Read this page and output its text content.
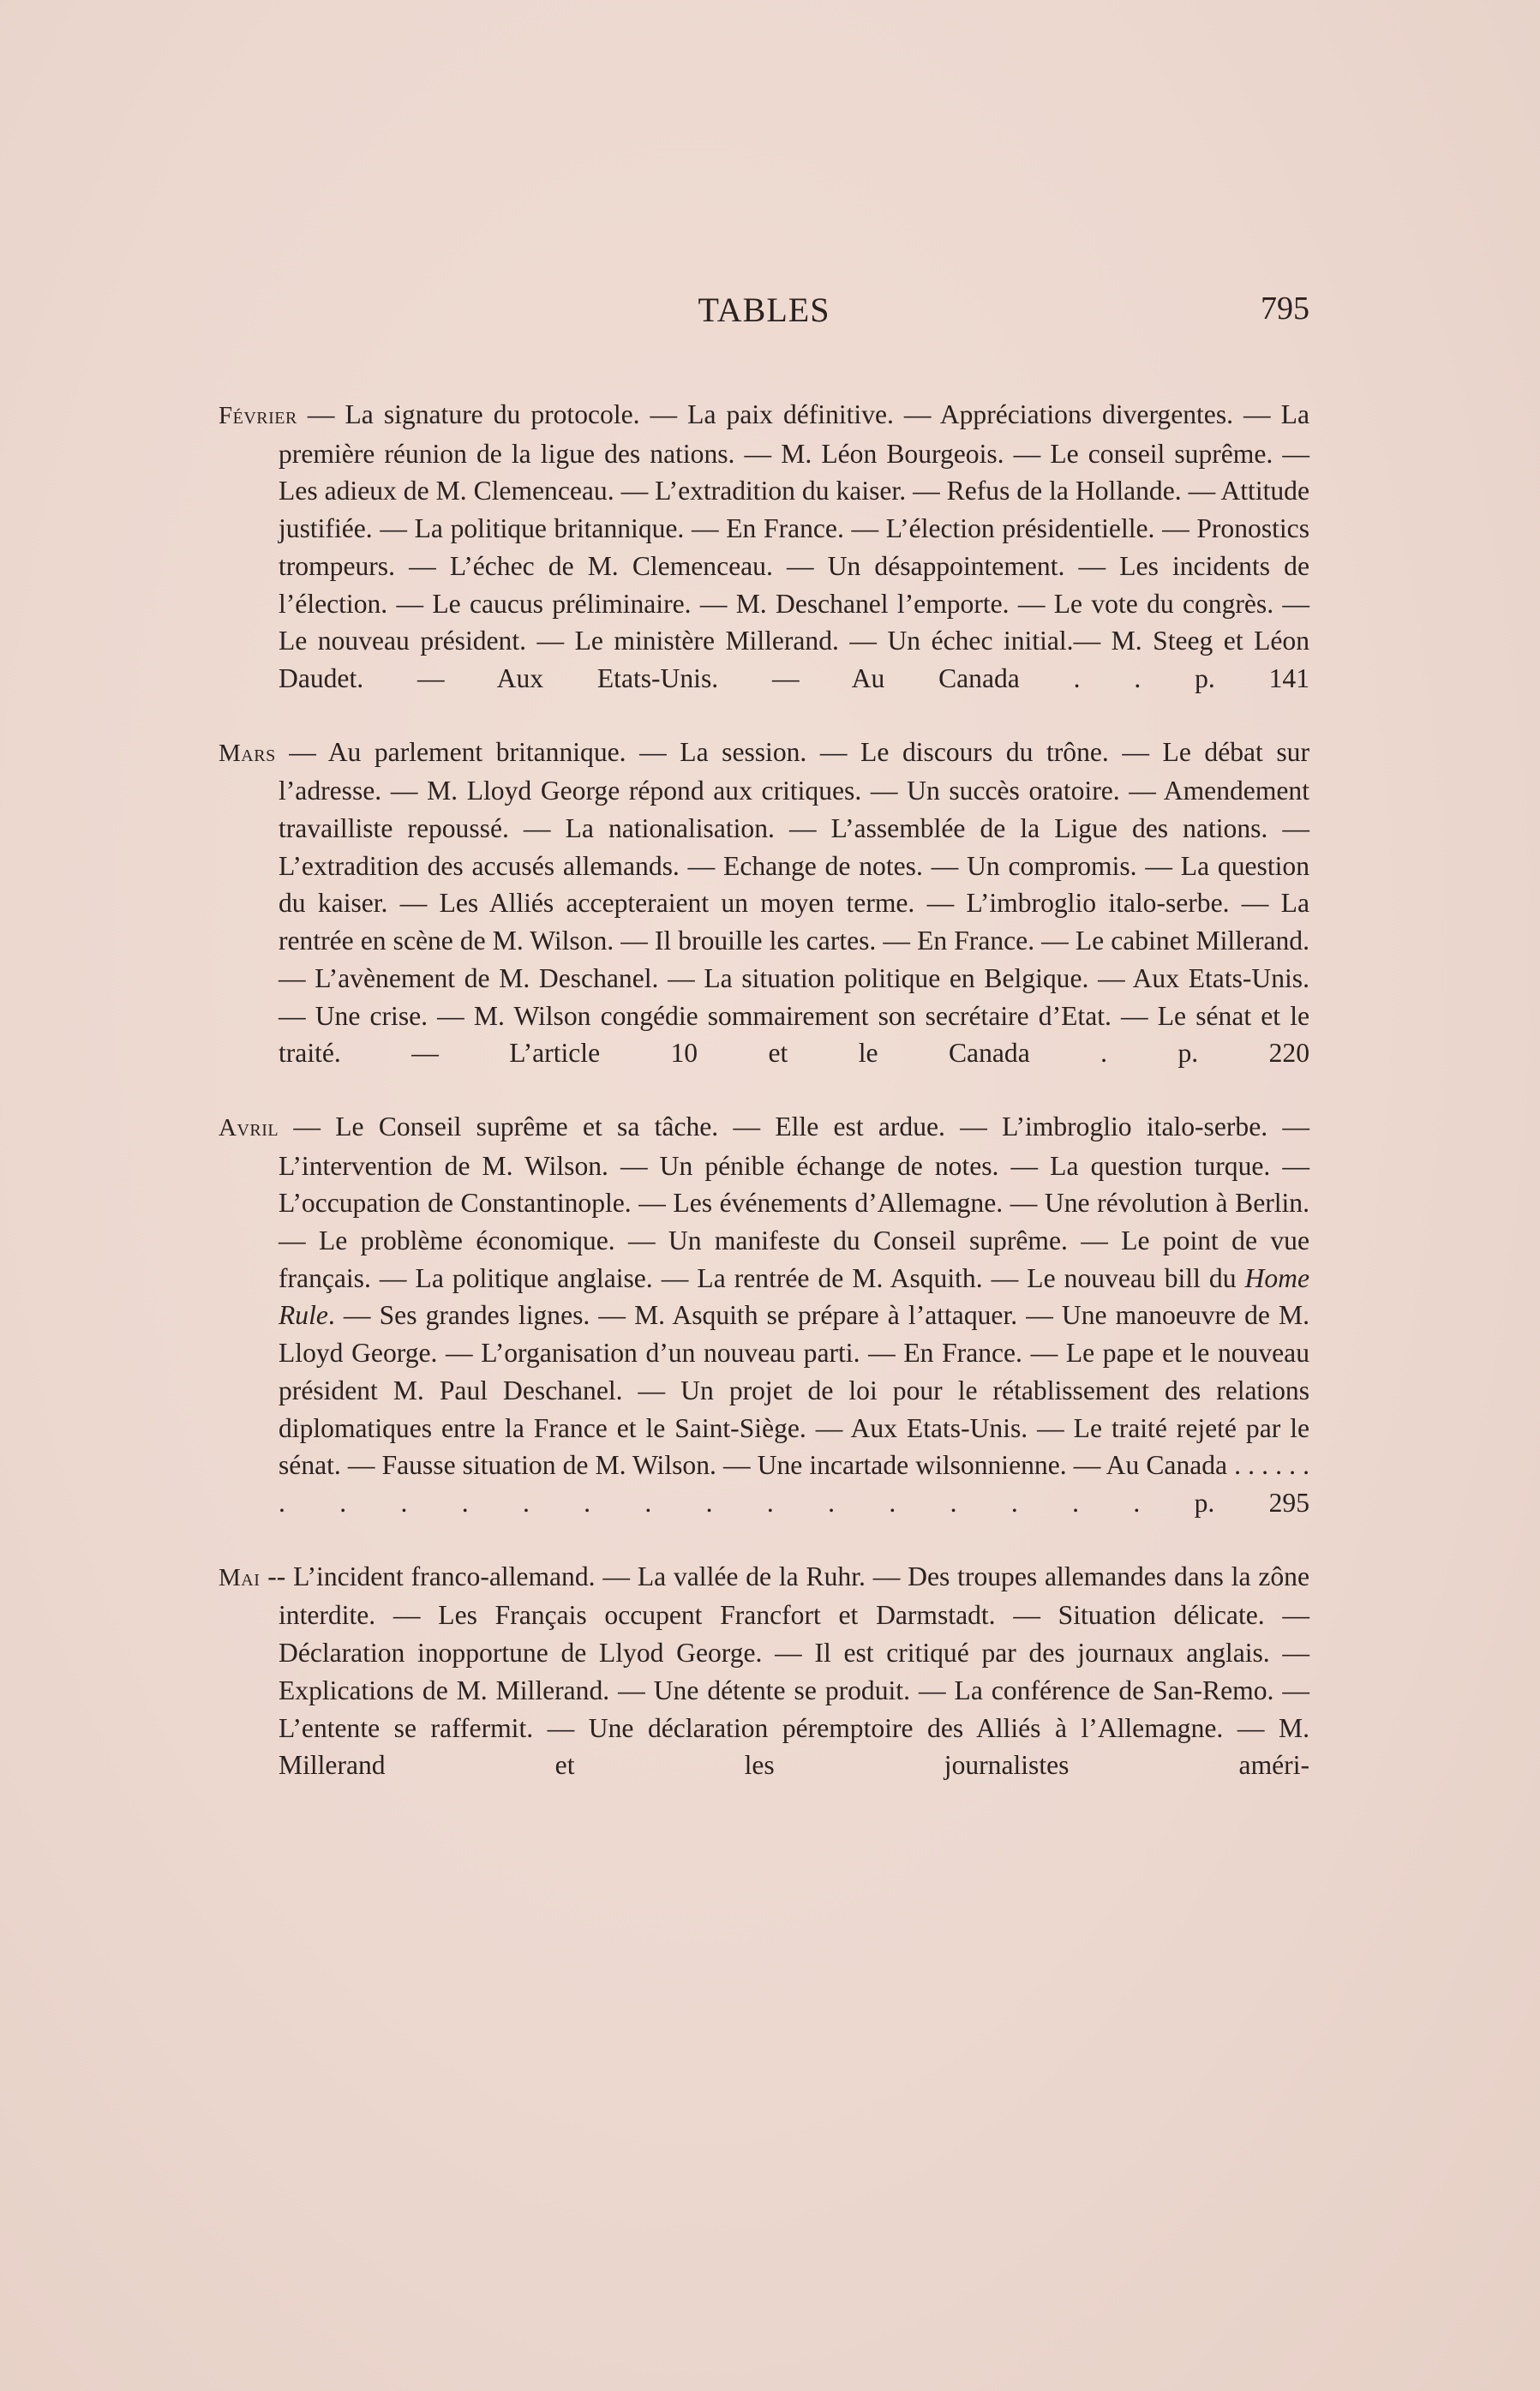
TABLES	795

Février — La signature du protocole. — La paix définitive. — Appréciations divergentes. — La première réunion de la ligue des nations. — M. Léon Bourgeois. — Le conseil suprême. — Les adieux de M. Clemenceau. — L’extradition du kaiser. — Refus de la Hollande. — Attitude justifiée. — La politique britannique. — En France. — L’élection présidentielle. — Pronostics trompeurs. — L’échec de M. Clemenceau. — Un désappointement. — Les incidents de l’élection. — Le caucus préliminaire. — M. Deschanel l’emporte. — Le vote du congrès. — Le nouveau président. — Le ministère Millerand. — Un échec initial.— M. Steeg et Léon Daudet. — Aux Etats-Unis. — Au Canada . . p. 141

Mars — Au parlement britannique. — La session. — Le discours du trône. — Le débat sur l’adresse. — M. Lloyd George répond aux critiques. — Un succès oratoire. — Amendement travailliste repoussé. — La nationalisation. — L’assemblée de la Ligue des nations. — L’extradition des accusés allemands. — Echange de notes. — Un compromis. — La question du kaiser. — Les Alliés accepteraient un moyen terme. — L’imbroglio italo-serbe. — La rentrée en scène de M. Wilson. — Il brouille les cartes. — En France. — Le cabinet Millerand. — L’avènement de M. Deschanel. — La situation politique en Belgique. — Aux Etats-Unis. — Une crise. — M. Wilson congédie sommairement son secrétaire d’Etat. — Le sénat et le traité. — L’article 10 et le Canada .	p. 220

Avril — Le Conseil suprême et sa tâche. — Elle est ardue. — L’imbroglio italo-serbe. — L’intervention de M. Wilson. — Un pénible échange de notes. — La question turque. — L’occupation de Constantinople. — Les événements d’Allemagne. — Une révolution à Berlin. — Le problème économique. — Un manifeste du Conseil suprême. — Le point de vue français. — La politique anglaise. — La rentrée de M. Asquith. — Le nouveau bill du Home Rule. — Ses grandes lignes. — M. Asquith se prépare à l’attaquer. — Une manoeuvre de M. Lloyd George. — L’organisation d’un nouveau parti. — En France. — Le pape et le nouveau président M. Paul Deschanel. — Un projet de loi pour le rétablissement des relations diplomatiques entre la France et le Saint-Siège. — Aux Etats-Unis. — Le traité rejeté par le sénat. — Fausse situation de M. Wilson. — Une incartade wilsonnienne. — Au Canada . . . . . . . . . . . . . . . . . . . . . p. 295

Mai -- L’incident franco-allemand. — La vallée de la Ruhr. — Des troupes allemandes dans la zône interdite. — Les Français occupent Francfort et Darmstadt. — Situation délicate. — Déclaration inopportune de Llyod George. — Il est critiqué par des journaux anglais. — Explications de M. Millerand. — Une détente se produit. — La conférence de San-Remo. — L’entente se raffermit. — Une déclaration péremptoire des Alliés à l’Allemagne. — M. Millerand et les journalistes améri-
